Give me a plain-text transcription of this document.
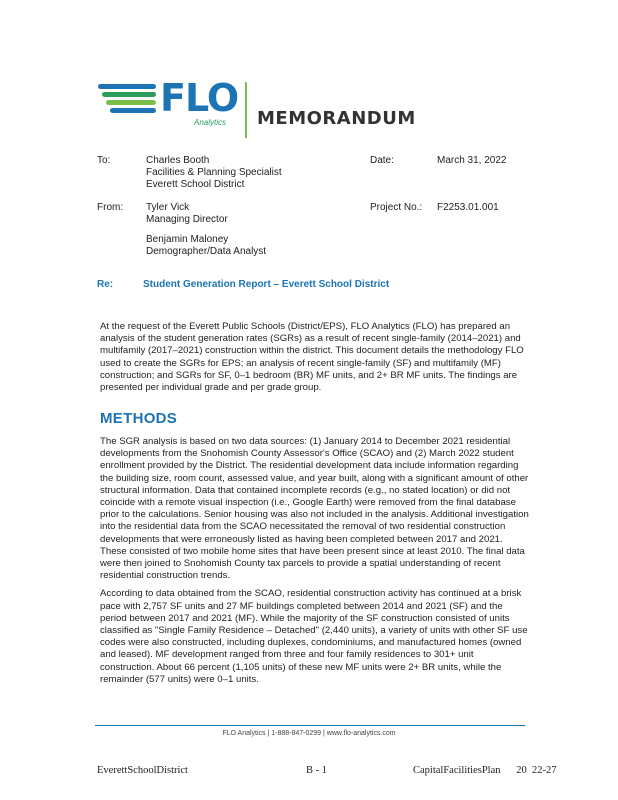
FLO
Analytics MEMORANDUM
To:	Charles Booth
Facilities & Planning Specialist
Everett School District
Date:	March 31, 2022
From: Tyler Vick
Managing Director
Benjamin Maloney
Demographer/Data Analyst
Project No.: F2253.01.001
Re:	Student Generation Report – Everett School District
At the request of the Everett Public Schools (District/EPS), FLO Analytics (FLO) has prepared an analysis of the student generation rates (SGRs) as a result of recent single-family (2014–2021) and multifamily (2017–2021) construction within the district. This document details the methodology FLO used to create the SGRs for EPS; an analysis of recent single-family (SF) and multifamily (MF) construction; and SGRs for SF, 0–1 bedroom (BR) MF units, and 2+ BR MF units. The findings are presented per individual grade and per grade group.
METHODS

The SGR analysis is based on two data sources: (1) January 2014 to December 2021 residential developments from the Snohomish County Assessor's Office (SCAO) and (2) March 2022 student enrollment provided by the District. The residential development data include information regarding the building size, room count, assessed value, and year built, along with a significant amount of other structural information. Data that contained incomplete records (e.g., no stated location) or did not coincide with a remote visual inspection (i.e., Google Earth) were removed from the final database prior to the calculations. Senior housing was also not included in the analysis. Additional investigation into the residential data from the SCAO necessitated the removal of two residential construction developments that were erroneously listed as having been completed between 2017 and 2021. These consisted of two mobile home sites that have been present since at least 2010. The final data were then joined to Snohomish County tax parcels to provide a spatial understanding of recent residential construction trends.

According to data obtained from the SCAO, residential construction activity has continued at a brisk pace with 2,757 SF units and 27 MF buildings completed between 2014 and 2021 (SF) and the period between 2017 and 2021 (MF). While the majority of the SF construction consisted of units classified as "Single Family Residence – Detached" (2,440 units), a variety of units with other SF use codes were also constructed, including duplexes, condominiums, and manufactured homes (owned and leased). MF development ranged from three and four family residences to 301+ unit construction. About 66 percent (1,105 units) of these new MF units were 2+ BR units, while the remainder (577 units) were 0–1 units.

FLO Analytics | 1-888-847-0299 | www.flo-analytics.com
EverettSchoolDistrict	B - 1	CapitalFacilitiesPlan      20  22-27
